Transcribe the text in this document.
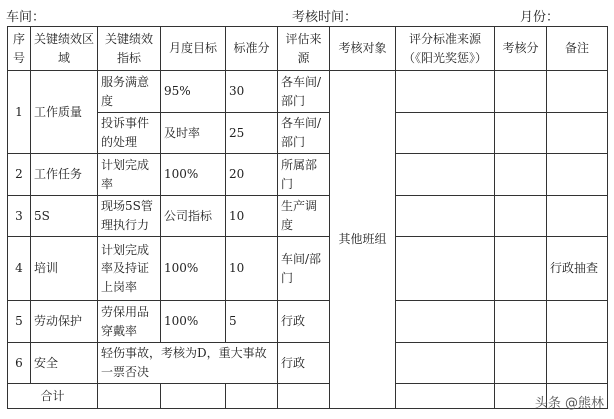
车间：	考核时间：	月份：
序号	关键绩效区域	关键绩效指标	月度目标	标准分	评估来源	考核对象	评分标准来源（《阳光奖惩》）	考核分	备注
1	工作质量	服务满意度	95%	30	各车间/部门	其他班组			
		投诉事件的处理	及时率	25	各车间/部门				
2	工作任务	计划完成率	100%	20	所属部门				
3	5S	现场5S管理执行力	公司指标	10	生产调度				
4	培训	计划完成率及持证上岗率	100%	10	车间/部门				行政抽查
5	劳动保护	劳保用品穿戴率	100%	5	行政				
6	安全	轻伤事故，考核为D，重大事故一票否决			行政				
合计									
头条 @熊林
